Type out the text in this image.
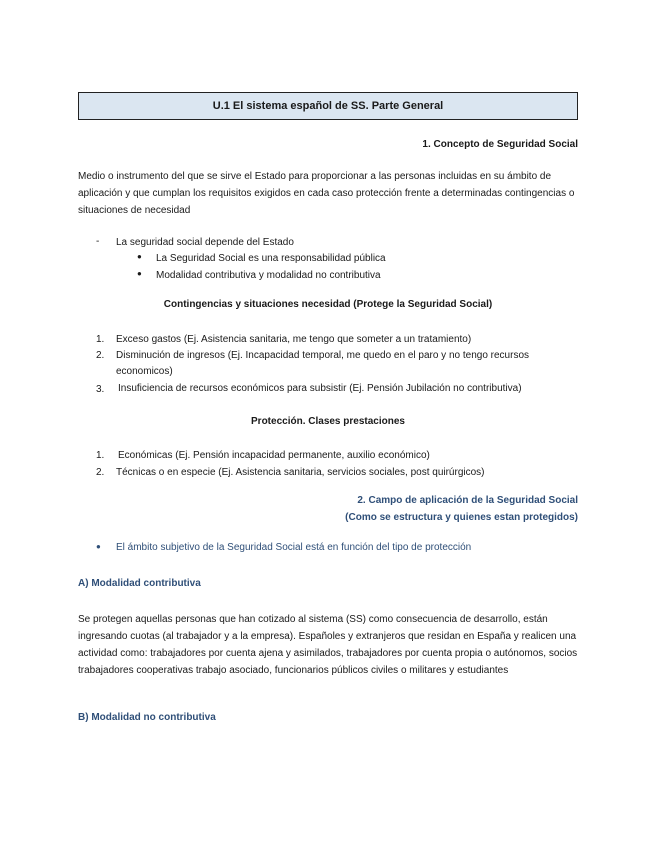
U.1 El sistema español de SS. Parte General
1. Concepto de Seguridad Social
Medio o instrumento del que se sirve el Estado para proporcionar a las personas incluidas en su ámbito de aplicación y que cumplan los requisitos exigidos en cada caso protección frente a determinadas contingencias o situaciones de necesidad
- La seguridad social depende del Estado
● La Seguridad Social es una responsabilidad pública
● Modalidad contributiva y modalidad no contributiva
Contingencias y situaciones necesidad (Protege la Seguridad Social)
1. Exceso gastos (Ej. Asistencia sanitaria, me tengo que someter a un tratamiento)
2. Disminución de ingresos (Ej. Incapacidad temporal, me quedo en el paro y no tengo recursos economicos)
3. Insuficiencia de recursos económicos para subsistir (Ej. Pensión Jubilación no contributiva)
Protección. Clases prestaciones
1. Económicas (Ej. Pensión incapacidad permanente, auxilio económico)
2. Técnicas o en especie (Ej. Asistencia sanitaria, servicios sociales, post quirúrgicos)
2. Campo de aplicación de la Seguridad Social
(Como se estructura y quienes estan protegidos)
● El ámbito subjetivo de la Seguridad Social está en función del tipo de protección
A) Modalidad contributiva
Se protegen aquellas personas que han cotizado al sistema (SS) como consecuencia de desarrollo, están ingresando cuotas (al trabajador y a la empresa). Españoles y extranjeros que residan en España y realicen una actividad como: trabajadores por cuenta ajena y asimilados, trabajadores por cuenta propia o autónomos, socios trabajadores cooperativas trabajo asociado, funcionarios públicos civiles o militares y estudiantes
B) Modalidad no contributiva
